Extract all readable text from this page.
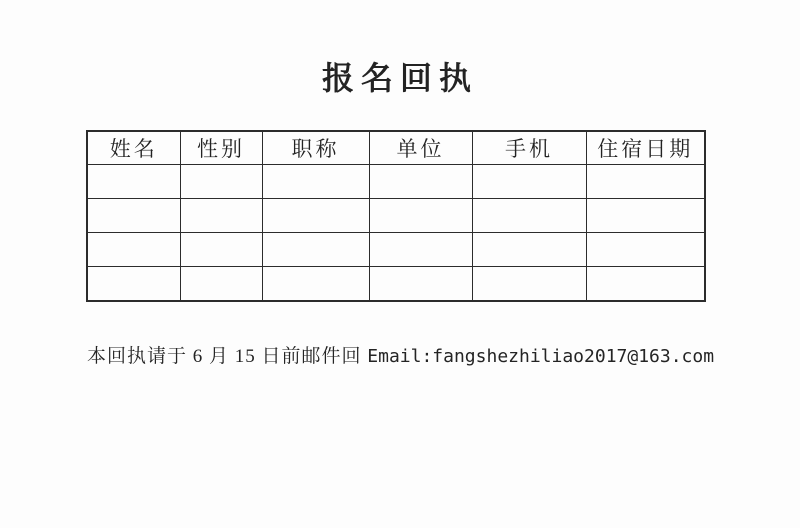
报名回执
姓名	性别	职称	单位	手机	住宿日期

本回执请于 6 月 15 日前邮件回 Email:fangshezhiliao2017@163.com
